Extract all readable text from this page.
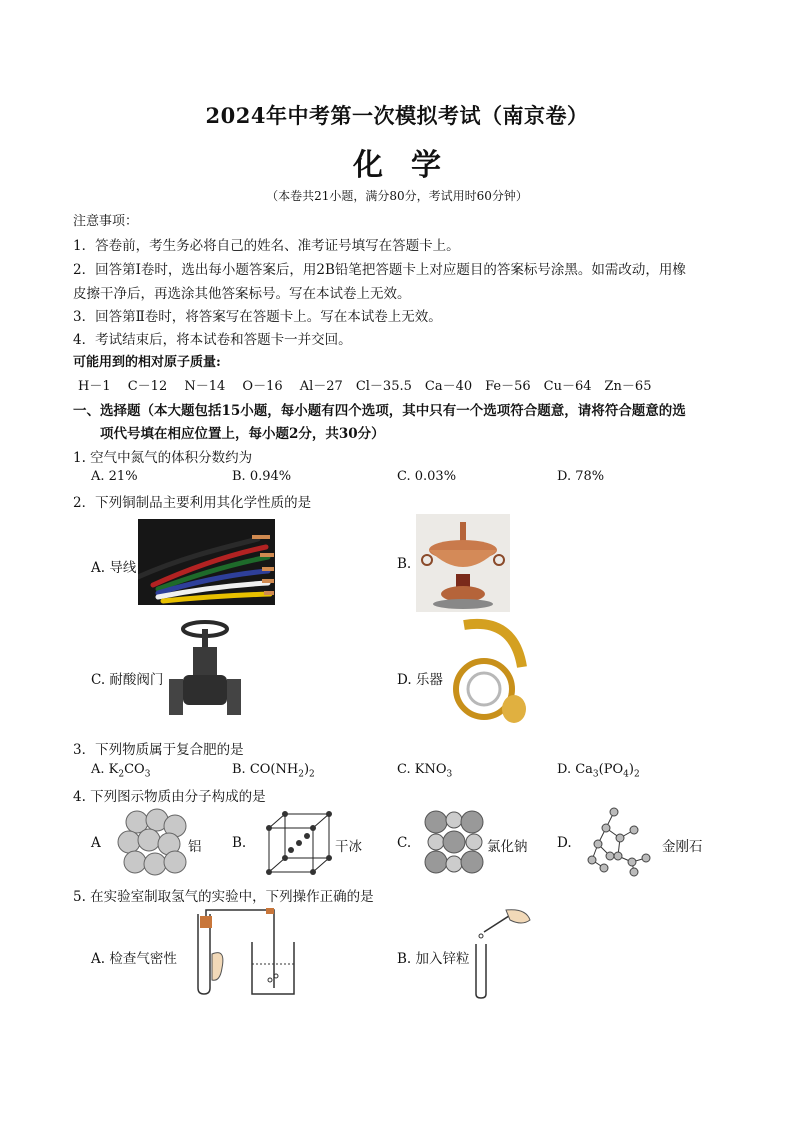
2024年中考第一次模拟考试（南京卷）
化学
（本卷共21小题，满分80分，考试用时60分钟）
注意事项：
1．答卷前，考生务必将自己的姓名、准考证号填写在答题卡上。
2．回答第Ⅰ卷时，选出每小题答案后，用2B铅笔把答题卡上对应题目的答案标号涂黑。如需改动，用橡
皮擦干净后，再选涂其他答案标号。写在本试卷上无效。
3．回答第Ⅱ卷时，将答案写在答题卡上。写在本试卷上无效。
4．考试结束后，将本试卷和答题卡一并交回。
可能用到的相对原子质量:
H－1　 C－12　 N－14　 O－16　 Al－27　Cl－35.5　Ca－40　Fe－56　Cu－64　Zn－65
一、选择题（本大题包括15小题，每小题有四个选项，其中只有一个选项符合题意，请将符合题意的选
项代号填在相应位置上，每小题2分，共30分）
1. 空气中氮气的体积分数约为
A. 21%	B. 0.94%	C. 0.03%	D. 78%
2．下列铜制品主要利用其化学性质的是
A. 导线	B.
C. 耐酸阀门	D. 乐器
3．下列物质属于复合肥的是
A. $K_2CO_3$	B. $CO(NH_2)_2$	C. $KNO_3$	D. $Ca_3(PO_4)_2$
4. 下列图示物质由分子构成的是
A	铝 B.	干冰	C.	氯化钠 D.	金刚石
5. 在实验室制取氢气的实验中，下列操作正确的是
A. 检查气密性	B. 加入锌粒
